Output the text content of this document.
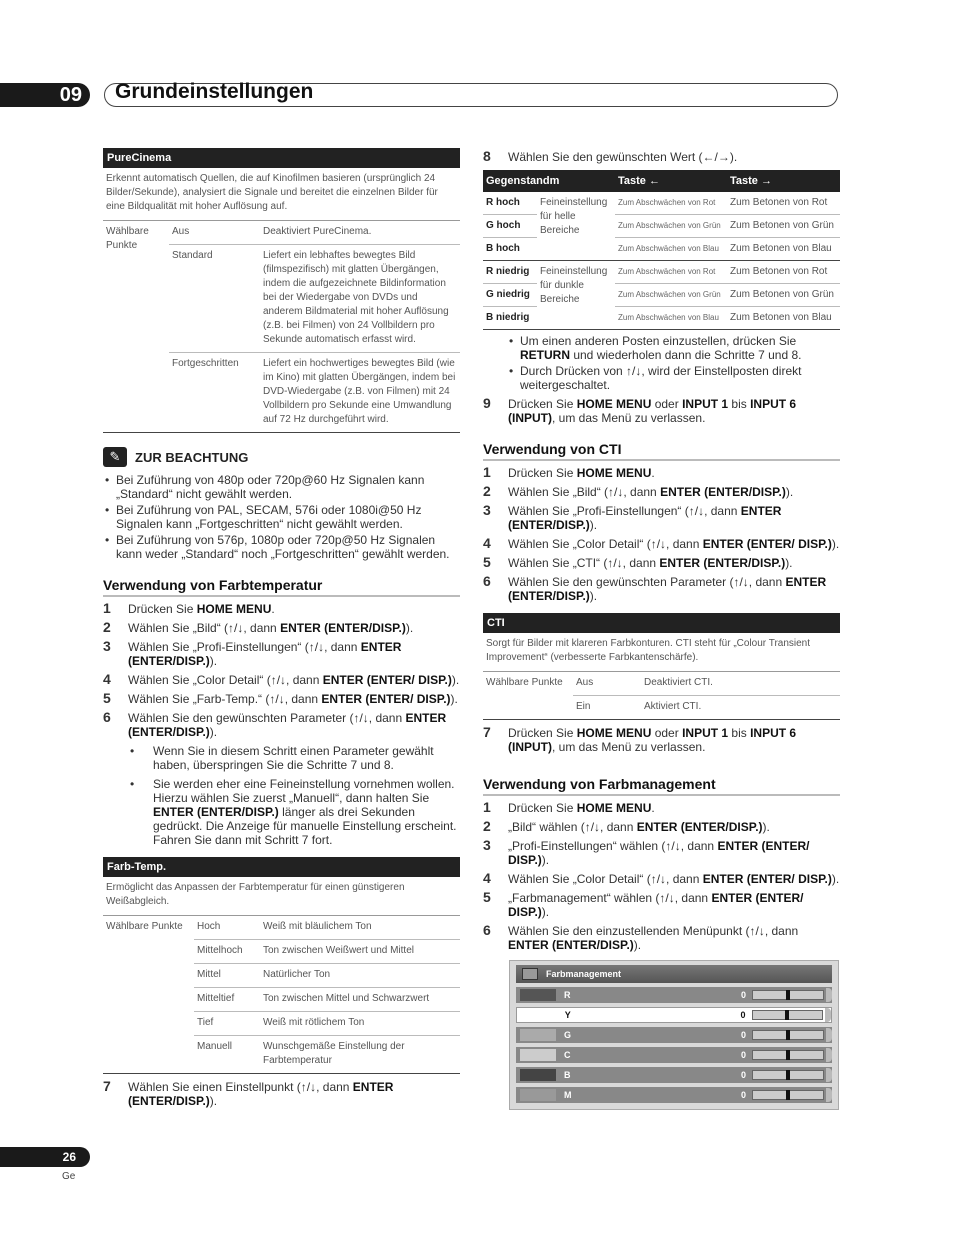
09	Grundeinstellungen
PureCinema
Erkennt automatisch Quellen, die auf Kinofilmen basieren (ursprünglich 24 Bilder/Sekunde), analysiert die Signale und bereitet die einzelnen Bilder für eine Bildqualität mit hoher Auflösung auf.
Wählbare Punkte	Aus	Deaktiviert PureCinema.
	Standard	Liefert ein lebhaftes bewegtes Bild (filmspezifisch) mit glatten Übergängen, indem die aufgezeichnete Bildinformation bei der Wiedergabe von DVDs und anderem Bildmaterial mit hoher Auflösung (z.B. bei Filmen) von 24 Vollbildern pro Sekunde automatisch erfasst wird.
	Fortgeschritten	Liefert ein hochwertiges bewegtes Bild (wie im Kino) mit glatten Übergängen, indem bei DVD-Wiedergabe (z.B. von Filmen) mit 24 Vollbildern pro Sekunde eine Umwandlung auf 72 Hz durchgeführt wird.
✎	ZUR BEACHTUNG
• Bei Zuführung von 480p oder 720p@60 Hz Signalen kann „Standard“ nicht gewählt werden.
• Bei Zuführung von PAL, SECAM, 576i oder 1080i@50 Hz Signalen kann „Fortgeschritten“ nicht gewählt werden.
• Bei Zuführung von 576p, 1080p oder 720p@50 Hz Signalen kann weder „Standard“ noch „Fortgeschritten“ gewählt werden.
Verwendung von Farbtemperatur
1 Drücken Sie HOME MENU.
2 Wählen Sie „Bild“ (↑/↓, dann ENTER (ENTER/DISP.)).
3 Wählen Sie „Profi-Einstellungen“ (↑/↓, dann ENTER (ENTER/DISP.)).
4 Wählen Sie „Color Detail“ (↑/↓, dann ENTER (ENTER/ DISP.)).
5 Wählen Sie „Farb-Temp.“ (↑/↓, dann ENTER (ENTER/ DISP.)).
6 Wählen Sie den gewünschten Parameter (↑/↓, dann ENTER (ENTER/DISP.)).
• Wenn Sie in diesem Schritt einen Parameter gewählt haben, überspringen Sie die Schritte 7 und 8.
• Sie werden eher eine Feineinstellung vornehmen wollen. Hierzu wählen Sie zuerst „Manuell“, dann halten Sie ENTER (ENTER/DISP.) länger als drei Sekunden gedrückt. Die Anzeige für manuelle Einstellung erscheint. Fahren Sie dann mit Schritt 7 fort.
Farb-Temp.
Ermöglicht das Anpassen der Farbtemperatur für einen günstigeren Weißabgleich.
Wählbare Punkte	Hoch	Weiß mit bläulichem Ton
	Mittelhoch	Ton zwischen Weißwert und Mittel
	Mittel	Natürlicher Ton
	Mitteltief	Ton zwischen Mittel und Schwarzwert
	Tief	Weiß mit rötlichem Ton
	Manuell	Wunschgemäße Einstellung der Farbtemperatur
7 Wählen Sie einen Einstellpunkt (↑/↓, dann ENTER (ENTER/DISP.)).
8 Wählen Sie den gewünschten Wert (←/→).
Gegenstandm		Taste ←	Taste →
R hoch	Feineinstellung für helle Bereiche	Zum Abschwächen von Rot	Zum Betonen von Rot
G hoch		Zum Abschwächen von Grün	Zum Betonen von Grün
B hoch		Zum Abschwächen von Blau	Zum Betonen von Blau
R niedrig	Feineinstellung für dunkle Bereiche	Zum Abschwächen von Rot	Zum Betonen von Rot
G niedrig		Zum Abschwächen von Grün	Zum Betonen von Grün
B niedrig		Zum Abschwächen von Blau	Zum Betonen von Blau
• Um einen anderen Posten einzustellen, drücken Sie RETURN und wiederholen dann die Schritte 7 und 8.
• Durch Drücken von ↑/↓, wird der Einstellposten direkt weitergeschaltet.
9 Drücken Sie HOME MENU oder INPUT 1 bis INPUT 6 (INPUT), um das Menü zu verlassen.
Verwendung von CTI
1 Drücken Sie HOME MENU.
2 Wählen Sie „Bild“ (↑/↓, dann ENTER (ENTER/DISP.)).
3 Wählen Sie „Profi-Einstellungen“ (↑/↓, dann ENTER (ENTER/DISP.)).
4 Wählen Sie „Color Detail“ (↑/↓, dann ENTER (ENTER/ DISP.)).
5 Wählen Sie „CTI“ (↑/↓, dann ENTER (ENTER/DISP.)).
6 Wählen Sie den gewünschten Parameter (↑/↓, dann ENTER (ENTER/DISP.)).
CTI
Sorgt für Bilder mit klareren Farbkonturen. CTI steht für „Colour Transient Improvement“ (verbesserte Farbkantenschärfe).
Wählbare Punkte	Aus	Deaktiviert CTI.
	Ein	Aktiviert CTI.
7 Drücken Sie HOME MENU oder INPUT 1 bis INPUT 6 (INPUT), um das Menü zu verlassen.
Verwendung von Farbmanagement
1 Drücken Sie HOME MENU.
2 „Bild“ wählen (↑/↓, dann ENTER (ENTER/DISP.)).
3 „Profi-Einstellungen“ wählen (↑/↓, dann ENTER (ENTER/ DISP.)).
4 Wählen Sie „Color Detail“ (↑/↓, dann ENTER (ENTER/ DISP.)).
5 „Farbmanagement“ wählen (↑/↓, dann ENTER (ENTER/ DISP.)).
6 Wählen Sie den einzustellenden Menüpunkt (↑/↓, dann ENTER (ENTER/DISP.)).
Farbmanagement
R	0
Y	0
G	0
C	0
B	0
M	0
26
Ge
